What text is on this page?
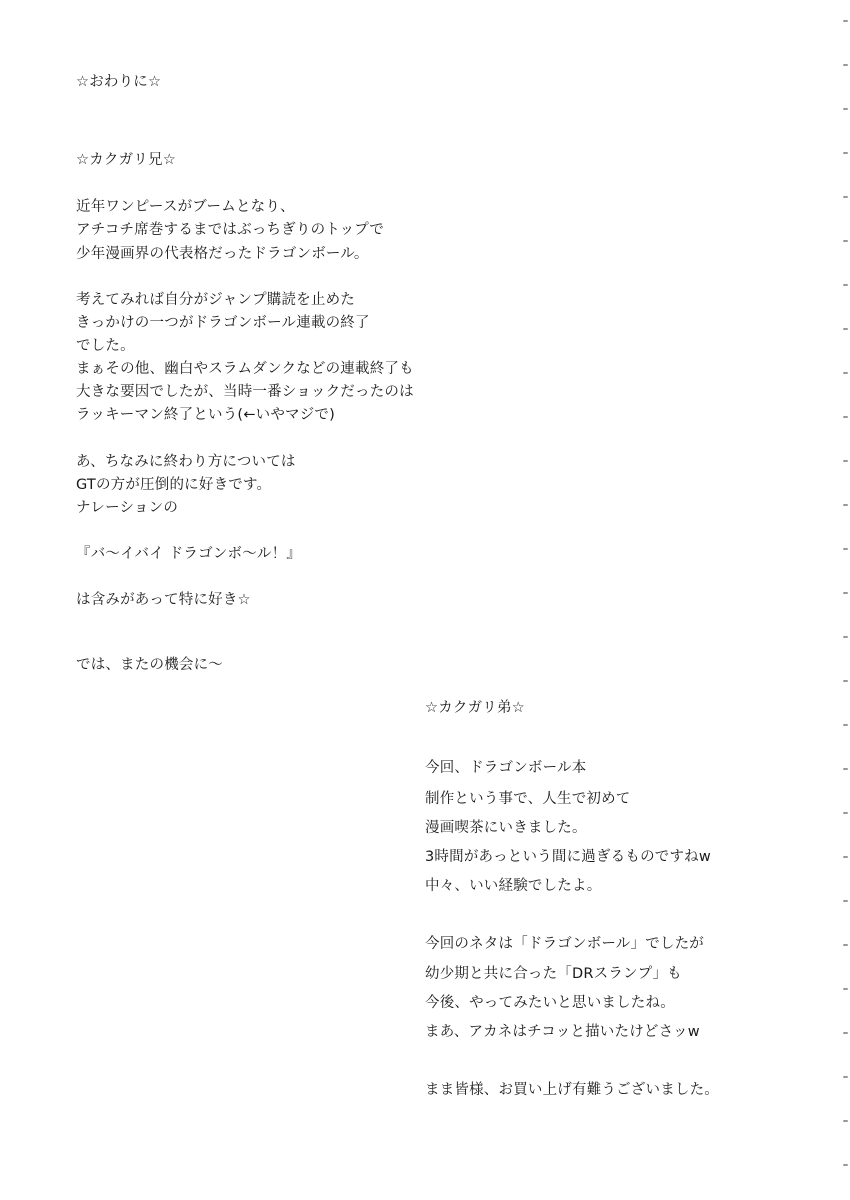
☆おわりに☆
☆カクガリ兄☆
近年ワンピースがブームとなり、
アチコチ席巻するまではぶっちぎりのトップで
少年漫画界の代表格だったドラゴンボール。
考えてみれば自分がジャンプ購読を止めた
きっかけの一つがドラゴンボール連載の終了
でした。
まぁその他、幽白やスラムダンクなどの連載終了も
大きな要因でしたが、当時一番ショックだったのは
ラッキーマン終了という(←いやマジで)
あ、ちなみに終わり方については
GTの方が圧倒的に好きです。
ナレーションの
『バ～イバイ ドラゴンボ～ル！』
は含みがあって特に好き☆
では、またの機会に～
☆カクガリ弟☆
今回、ドラゴンボール本
制作という事で、人生で初めて
漫画喫茶にいきました。
3時間があっという間に過ぎるものですねw
中々、いい経験でしたよ。
今回のネタは「ドラゴンボール」でしたが
幼少期と共に合った「DRスランプ」も
今後、やってみたいと思いましたね。
まあ、アカネはチコッと描いたけどさッw
まま皆様、お買い上げ有難うございました。
